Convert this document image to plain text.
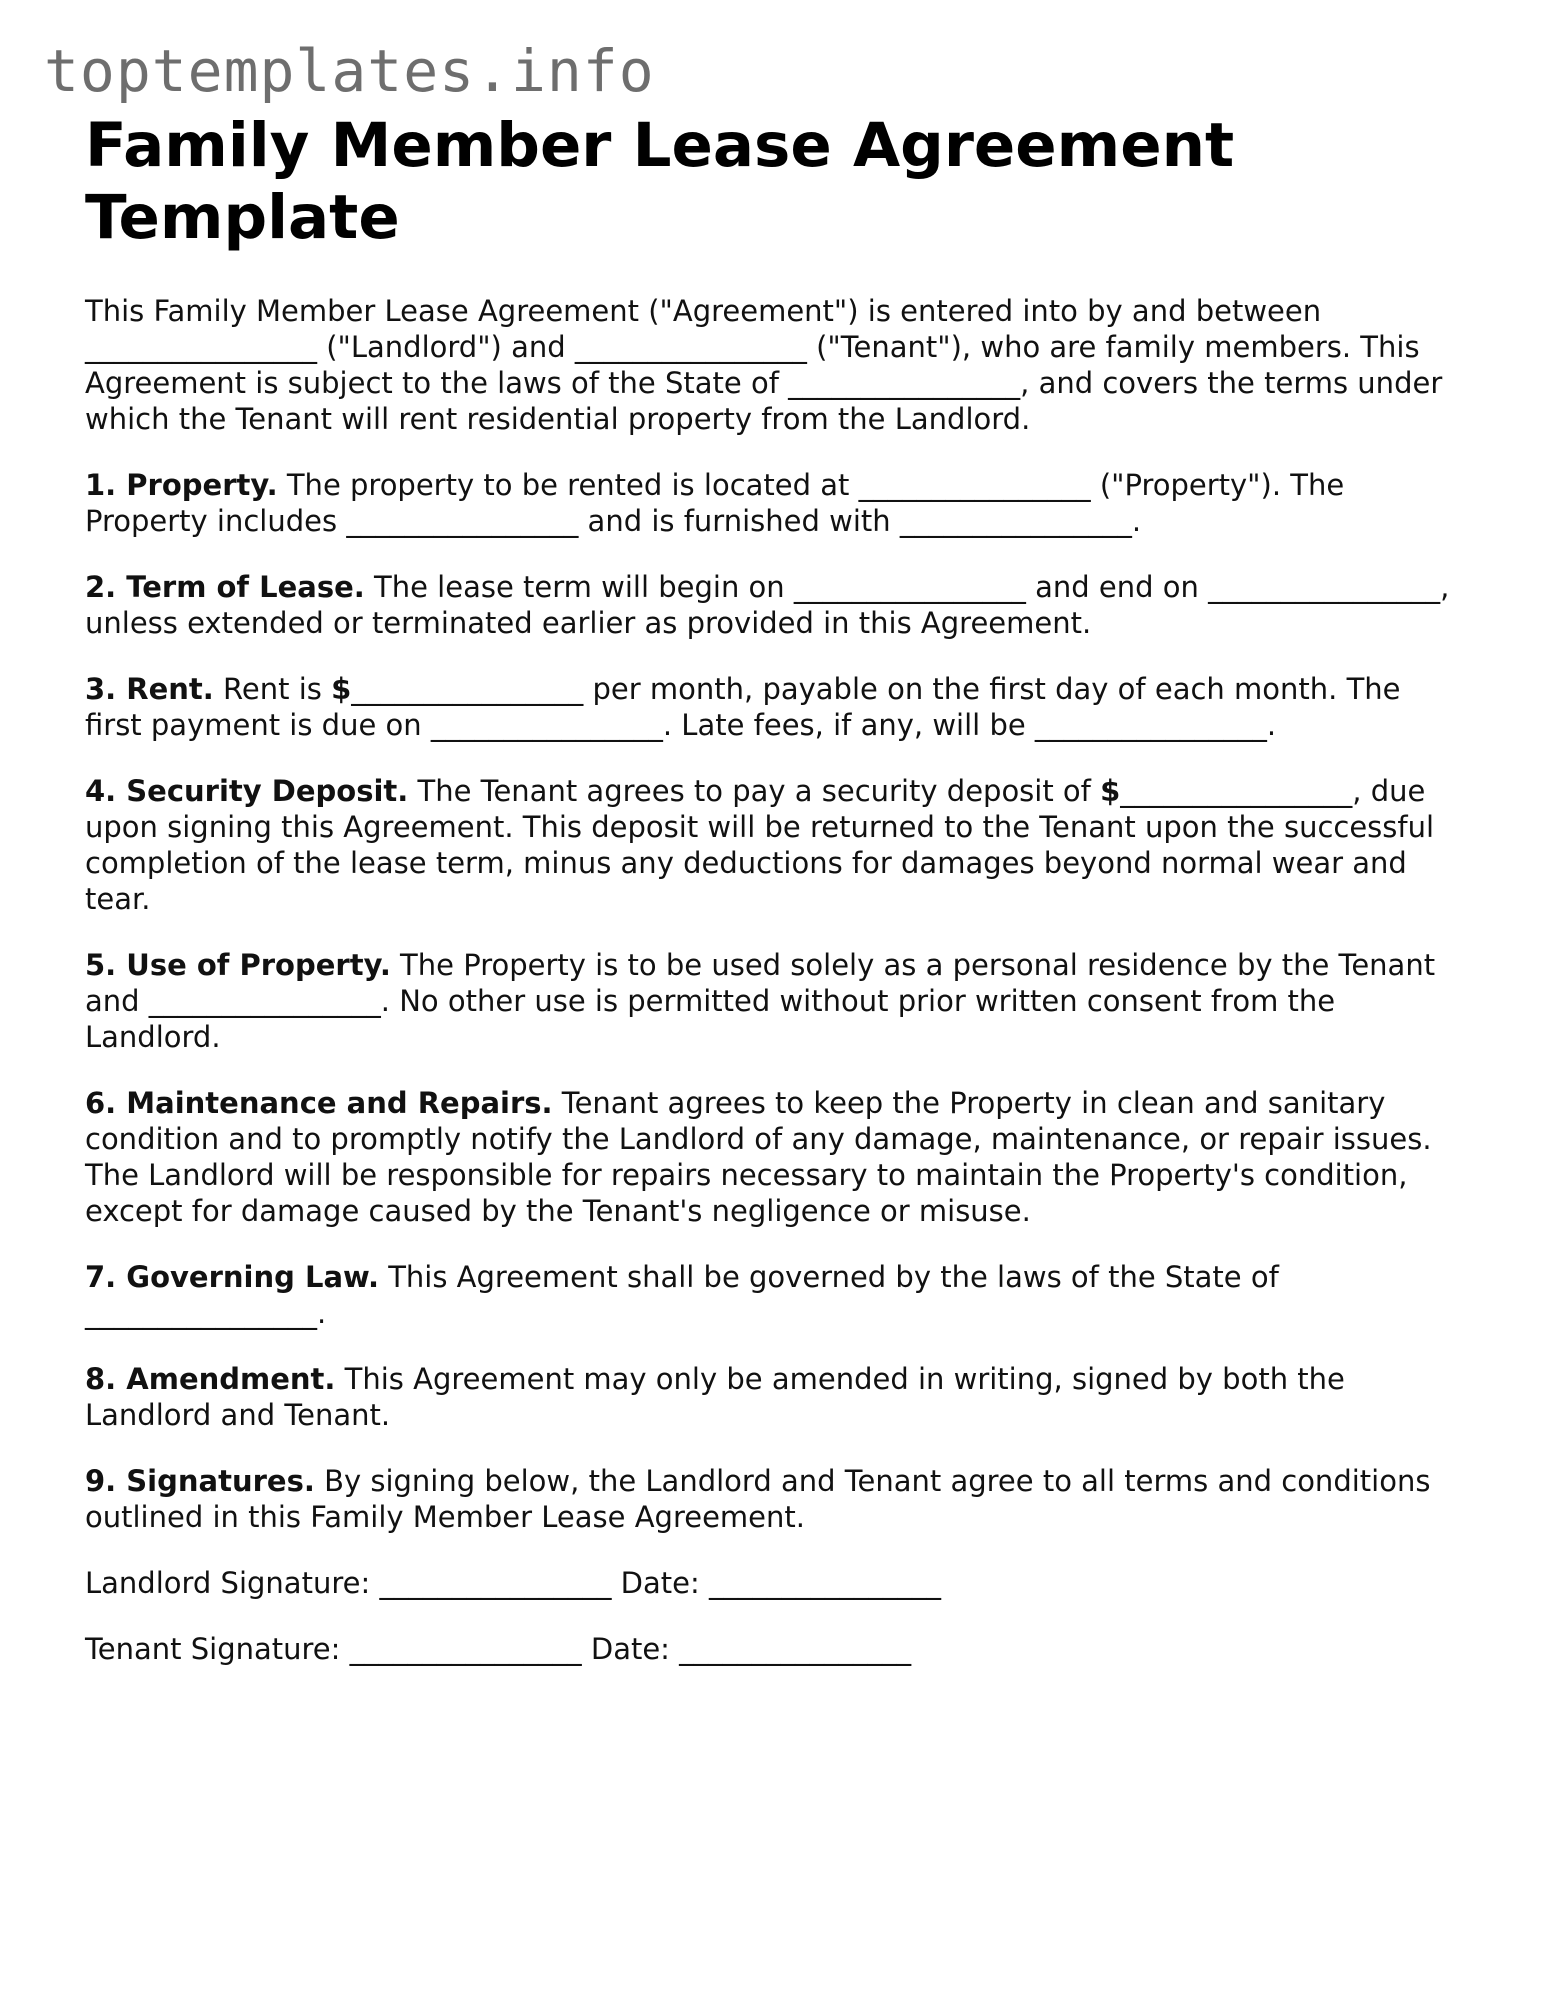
toptemplates.info
Family Member Lease Agreement Template

This Family Member Lease Agreement ("Agreement") is entered into by and between ________________ ("Landlord") and ________________ ("Tenant"), who are family members. This Agreement is subject to the laws of the State of ________________, and covers the terms under which the Tenant will rent residential property from the Landlord.

1. Property. The property to be rented is located at ________________ ("Property"). The Property includes ________________ and is furnished with ________________.

2. Term of Lease. The lease term will begin on ________________ and end on ________________, unless extended or terminated earlier as provided in this Agreement.

3. Rent. Rent is $________________ per month, payable on the first day of each month. The first payment is due on ________________. Late fees, if any, will be ________________.

4. Security Deposit. The Tenant agrees to pay a security deposit of $________________, due upon signing this Agreement. This deposit will be returned to the Tenant upon the successful completion of the lease term, minus any deductions for damages beyond normal wear and tear.

5. Use of Property. The Property is to be used solely as a personal residence by the Tenant and ________________. No other use is permitted without prior written consent from the Landlord.

6. Maintenance and Repairs. Tenant agrees to keep the Property in clean and sanitary condition and to promptly notify the Landlord of any damage, maintenance, or repair issues. The Landlord will be responsible for repairs necessary to maintain the Property's condition, except for damage caused by the Tenant's negligence or misuse.

7. Governing Law. This Agreement shall be governed by the laws of the State of ________________.

8. Amendment. This Agreement may only be amended in writing, signed by both the Landlord and Tenant.

9. Signatures. By signing below, the Landlord and Tenant agree to all terms and conditions outlined in this Family Member Lease Agreement.

Landlord Signature: ________________ Date: ________________

Tenant Signature: ________________ Date: ________________
